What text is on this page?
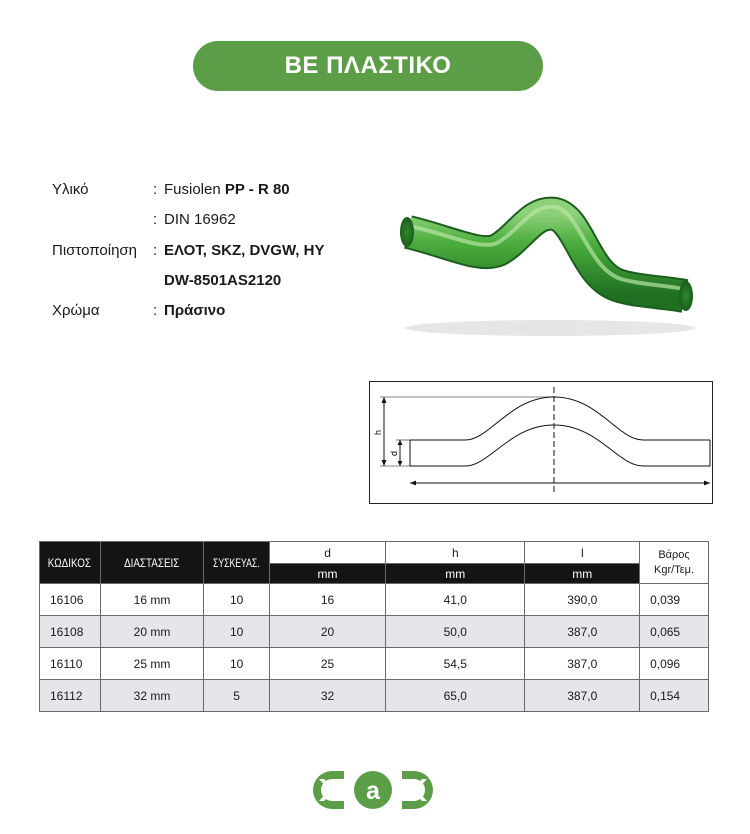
BE ΠΛΑΣΤΙΚΟ
Υλικό	: Fusiolen PP - R 80
: DIN 16962
Πιστοποίηση	: ΕΛΟΤ, SKZ, DVGW, HY
DW-8501AS2120
Χρώμα	: Πράσινο
h
d
ΚΩΔΙΚΟΣ	ΔΙΑΣΤΑΣΕΙΣ	ΣΥΣΚΕΥΑΣ.	d	h	l	Βάρος
Kgr/Τεμ.

			mm	mm	mm	
16106	16 mm	10	16	41,0	390,0	0,039
16108	20 mm	10	20	50,0	387,0	0,065
16110	25 mm	10	25	54,5	387,0	0,096
16112	32 mm	5	32	65,0	387,0	0,154
a
